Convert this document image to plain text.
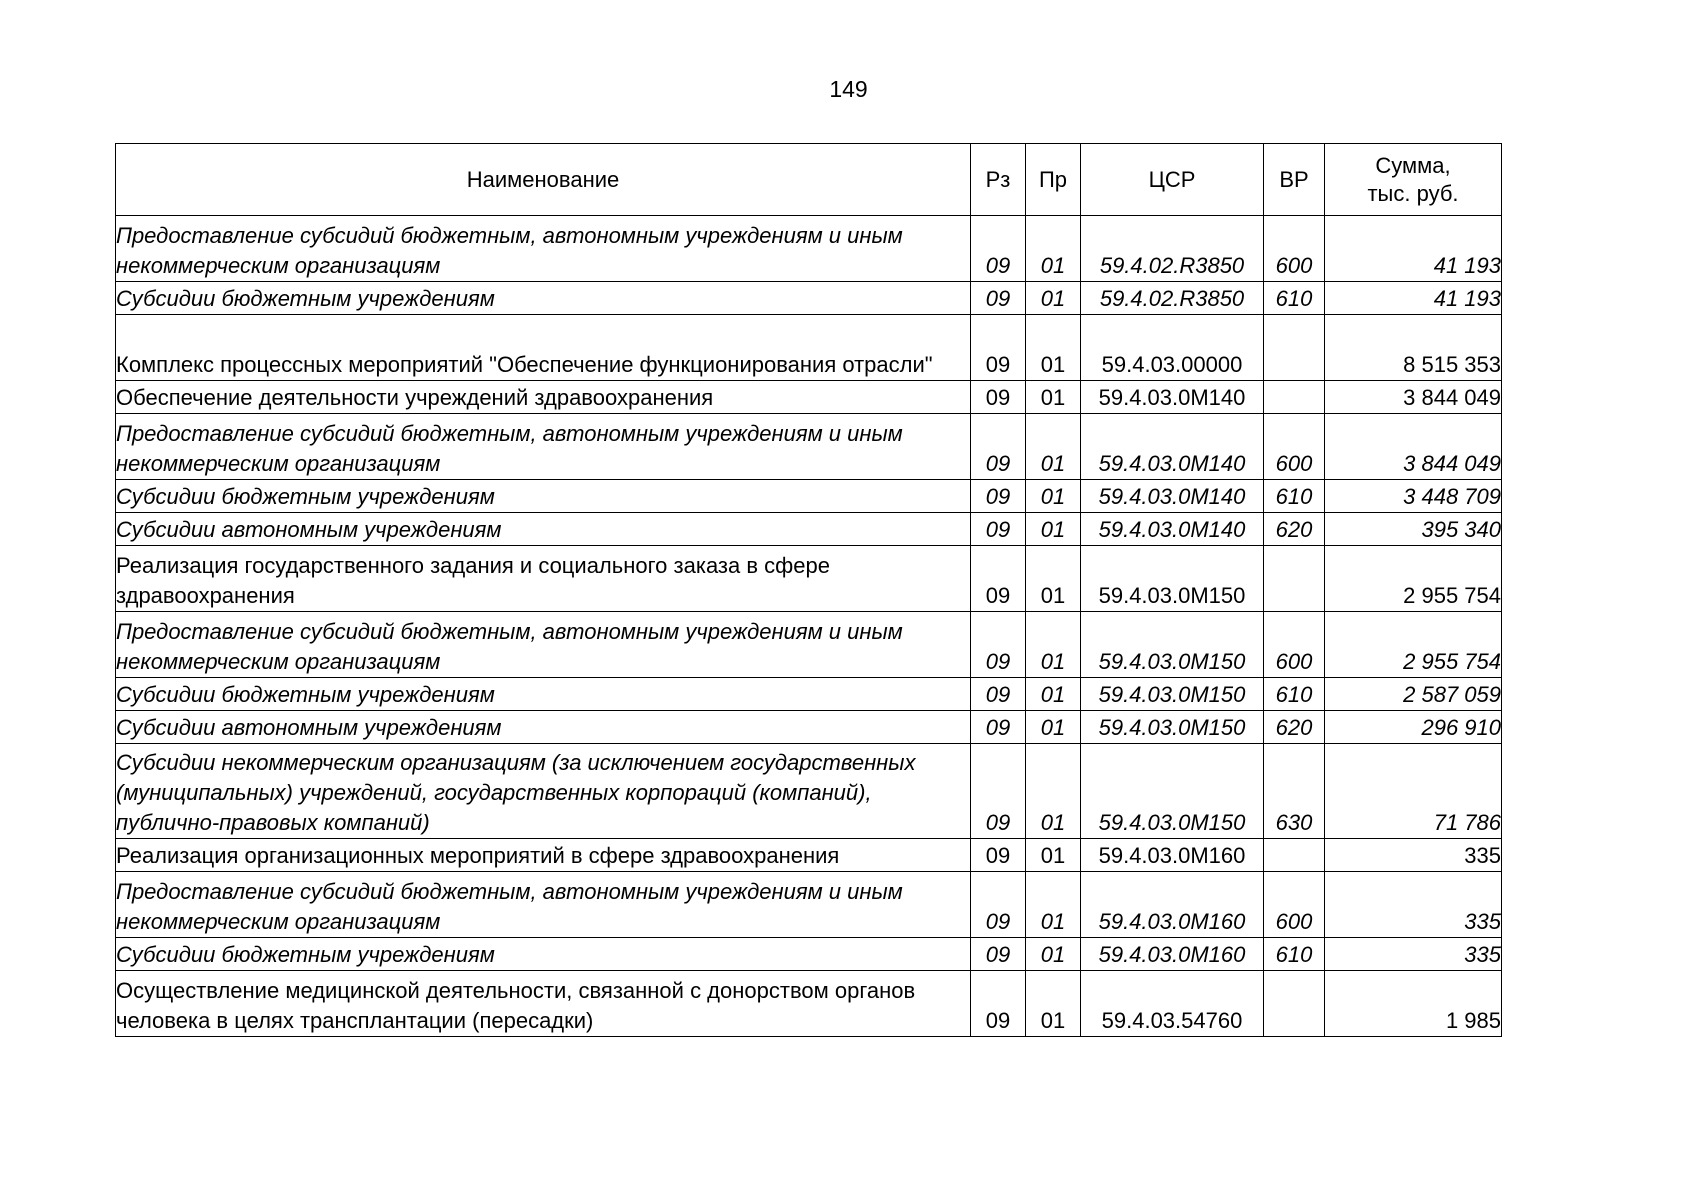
149
Наименование	Рз	Пр	ЦСР	ВР	Сумма,
тыс. руб.

Предоставление субсидий бюджетным, автономным учреждениям и иным некоммерческим организациям	09	01	59.4.02.R3850	600	41 193
Субсидии бюджетным учреждениям	09	01	59.4.02.R3850	610	41 193
Комплекс процессных мероприятий "Обеспечение функционирования отрасли"	09	01	59.4.03.00000		8 515 353
Обеспечение деятельности учреждений здравоохранения	09	01	59.4.03.0М140		3 844 049
Предоставление субсидий бюджетным, автономным учреждениям и иным некоммерческим организациям	09	01	59.4.03.0М140	600	3 844 049
Субсидии бюджетным учреждениям	09	01	59.4.03.0М140	610	3 448 709
Субсидии автономным учреждениям	09	01	59.4.03.0М140	620	395 340
Реализация государственного задания и социального заказа в сфере здравоохранения	09	01	59.4.03.0М150		2 955 754
Предоставление субсидий бюджетным, автономным учреждениям и иным некоммерческим организациям	09	01	59.4.03.0М150	600	2 955 754
Субсидии бюджетным учреждениям	09	01	59.4.03.0М150	610	2 587 059
Субсидии автономным учреждениям	09	01	59.4.03.0М150	620	296 910
Субсидии некоммерческим организациям (за исключением государственных (муниципальных) учреждений, государственных корпораций (компаний), публично-правовых компаний)	09	01	59.4.03.0М150	630	71 786
Реализация организационных мероприятий в сфере здравоохранения	09	01	59.4.03.0М160		335
Предоставление субсидий бюджетным, автономным учреждениям и иным некоммерческим организациям	09	01	59.4.03.0М160	600	335
Субсидии бюджетным учреждениям	09	01	59.4.03.0М160	610	335
Осуществление медицинской деятельности, связанной с донорством органов человека в целях трансплантации (пересадки)	09	01	59.4.03.54760		1 985
